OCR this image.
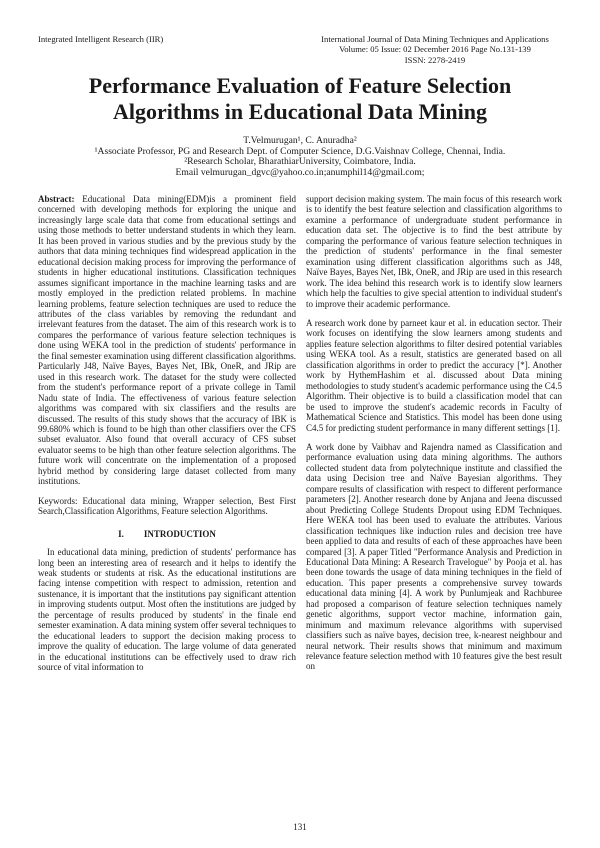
Integrated Intelligent Research (IIR)	International Journal of Data Mining Techniques and Applications
Volume: 05 Issue: 02 December 2016 Page No.131-139
ISSN: 2278-2419
Performance Evaluation of Feature Selection
Algorithms in Educational Data Mining
T.Velmurugan¹, C. Anuradha²
¹Associate Professor, PG and Research Dept. of Computer Science, D.G.Vaishnav College, Chennai, India.
²Research Scholar, BharathiarUniversity, Coimbatore, India.
Email velmurugan_dgvc@yahoo.co.in;anumphil14@gmail.com;

Abstract: Educational Data mining(EDM)is a prominent field concerned with developing methods for exploring the unique and increasingly large scale data that come from educational settings and using those methods to better understand students in which they learn. It has been proved in various studies and by the previous study by the authors that data mining techniques find widespread application in the educational decision making process for improving the performance of students in higher educational institutions. Classification techniques assumes significant importance in the machine learning tasks and are mostly employed in the prediction related problems. In machine learning problems, feature selection techniques are used to reduce the attributes of the class variables by removing the redundant and irrelevant features from the dataset. The aim of this research work is to compares the performance of various feature selection techniques is done using WEKA tool in the prediction of students' performance in the final semester examination using different classification algorithms. Particularly J48, Naïve Bayes, Bayes Net, IBk, OneR, and JRip are used in this research work. The dataset for the study were collected from the student's performance report of a private college in Tamil Nadu state of India. The effectiveness of various feature selection algorithms was compared with six classifiers and the results are discussed. The results of this study shows that the accuracy of IBK is 99.680% which is found to be high than other classifiers over the CFS subset evaluator. Also found that overall accuracy of CFS subset evaluator seems to be high than other feature selection algorithms. The future work will concentrate on the implementation of a proposed hybrid method by considering large dataset collected from many institutions.

Keywords: Educational data mining, Wrapper selection, Best First Search,Classification Algorithms, Feature selection Algorithms.

I. INTRODUCTION

In educational data mining, prediction of students' performance has long been an interesting area of research and it helps to identify the weak students or students at risk. As the educational institutions are facing intense competition with respect to admission, retention and sustenance, it is important that the institutions pay significant attention in improving students output. Most often the institutions are judged by the percentage of results produced by students' in the finale end semester examination. A data mining system offer several techniques to the educational leaders to support the decision making process to improve the quality of education. The large volume of data generated in the educational institutions can be effectively used to draw rich source of vital information to

support decision making system. The main focus of this research work is to identify the best feature selection and classification algorithms to examine a performance of undergraduate student performance in education data set. The objective is to find the best attribute by comparing the performance of various feature selection techniques in the prediction of students' performance in the final semester examination using different classification algorithms such as J48, Naïve Bayes, Bayes Net, IBk, OneR, and JRip are used in this research work. The idea behind this research work is to identify slow learners which help the faculties to give special attention to individual student's to improve their academic performance.

A research work done by parneet kaur et al. in education sector. Their work focuses on identifying the slow learners among students and applies feature selection algorithms to filter desired potential variables using WEKA tool. As a result, statistics are generated based on all classification algorithms in order to predict the accuracy [*]. Another work by HythemHashim et al. discussed about Data mining methodologies to study student's academic performance using the C4.5 Algorithm. Their objective is to build a classification model that can be used to improve the student's academic records in Faculty of Mathematical Science and Statistics. This model has been done using C4.5 for predicting student performance in many different settings [1].

A work done by Vaibhav and Rajendra named as Classification and performance evaluation using data mining algorithms. The authors collected student data from polytechnique institute and classified the data using Decision tree and Naïve Bayesian algorithms. They compare results of classification with respect to different performance parameters [2]. Another research done by Anjana and Jeena discussed about Predicting College Students Dropout using EDM Techniques. Here WEKA tool has been used to evaluate the attributes. Various classification techniques like induction rules and decision tree have been applied to data and results of each of these approaches have been compared [3]. A paper Titled "Performance Analysis and Prediction in Educational Data Mining: A Research Travelogue" by Pooja et al. has been done towards the usage of data mining techniques in the field of education. This paper presents a comprehensive survey towards educational data mining [4]. A work by Punlumjeak and Rachburee had proposed a comparison of feature selection techniques namely genetic algorithms, support vector machine, information gain, minimum and maximum relevance algorithms with supervised classifiers such as naïve bayes, decision tree, k-nearest neighbour and neural network. Their results shows that minimum and maximum relevance feature selection method with 10 features give the best result on

131
